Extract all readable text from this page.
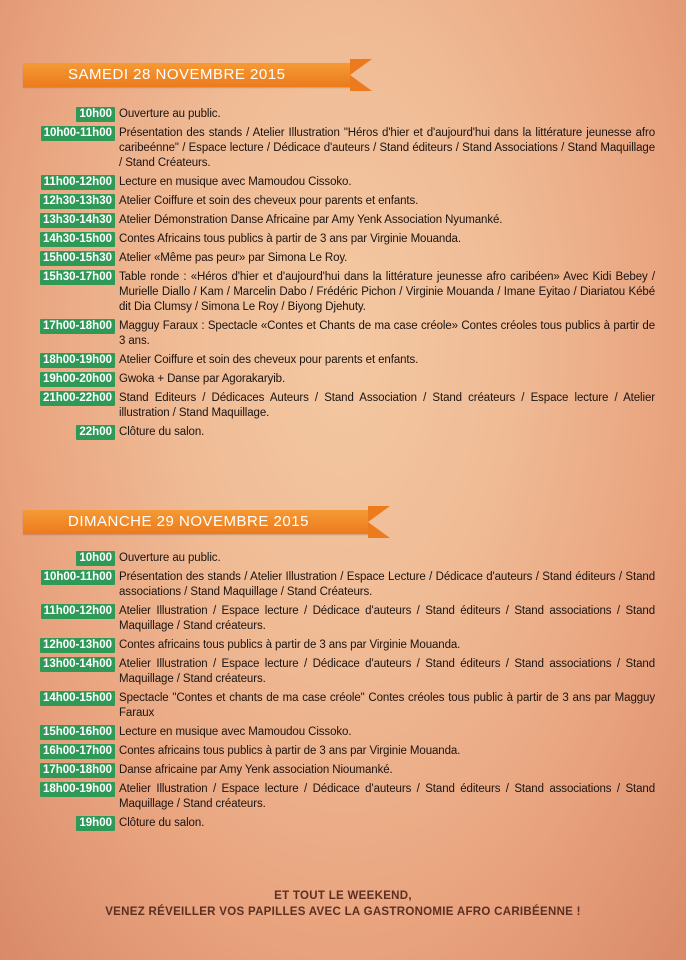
SAMEDI 28 NOVEMBRE 2015
10h00 Ouverture au public.
10h00-11h00 Présentation des stands / Atelier Illustration "Héros d'hier et d'aujourd'hui dans la littérature jeunesse afro caribeénne" / Espace lecture / Dédicace d'auteurs / Stand éditeurs / Stand Associations / Stand Maquillage / Stand Créateurs.
11h00-12h00 Lecture en musique avec Mamoudou Cissoko.
12h30-13h30 Atelier Coiffure et soin des cheveux pour parents et enfants.
13h30-14h30 Atelier Démonstration Danse Africaine par Amy Yenk Association Nyumanké.
14h30-15h00 Contes Africains tous publics à partir de 3 ans par Virginie Mouanda.
15h00-15h30 Atelier «Même pas peur» par Simona Le Roy.
15h30-17h00 Table ronde : «Héros d'hier et d'aujourd'hui dans la littérature jeunesse afro caribéen» Avec Kidi Bebey / Murielle Diallo / Kam / Marcelin Dabo / Frédéric Pichon / Virginie Mouanda / Imane Eyitao / Diariatou Kébé dit Dia Clumsy / Simona Le Roy / Biyong Djehuty.
17h00-18h00 Magguy Faraux : Spectacle «Contes et Chants de ma case créole» Contes créoles tous publics à partir de 3 ans.
18h00-19h00 Atelier Coiffure et soin des cheveux pour parents et enfants.
19h00-20h00 Gwoka + Danse par Agorakaryib.
21h00-22h00 Stand Editeurs / Dédicaces Auteurs / Stand Association / Stand créateurs / Espace lecture / Atelier illustration / Stand Maquillage.
22h00 Clôture du salon.
DIMANCHE 29 NOVEMBRE 2015
10h00 Ouverture au public.
10h00-11h00 Présentation des stands / Atelier Illustration / Espace Lecture / Dédicace d'auteurs / Stand éditeurs / Stand associations / Stand Maquillage / Stand Créateurs.
11h00-12h00 Atelier Illustration / Espace lecture / Dédicace d'auteurs / Stand éditeurs / Stand associations / Stand Maquillage / Stand créateurs.
12h00-13h00 Contes africains tous publics à partir de 3 ans par Virginie Mouanda.
13h00-14h00 Atelier Illustration / Espace lecture / Dédicace d'auteurs / Stand éditeurs / Stand associations / Stand Maquillage / Stand créateurs.
14h00-15h00 Spectacle "Contes et chants de ma case créole" Contes créoles tous public à partir de 3 ans par Magguy Faraux
15h00-16h00 Lecture en musique avec Mamoudou Cissoko.
16h00-17h00 Contes africains tous publics à partir de 3 ans par Virginie Mouanda.
17h00-18h00 Danse africaine par Amy Yenk association Nioumanké.
18h00-19h00 Atelier Illustration / Espace lecture / Dédicace d'auteurs / Stand éditeurs / Stand associations / Stand Maquillage / Stand créateurs.
19h00 Clôture du salon.
ET TOUT LE WEEKEND,
VENEZ RÉVEILLER VOS PAPILLES AVEC LA GASTRONOMIE AFRO CARIBÉENNE !
